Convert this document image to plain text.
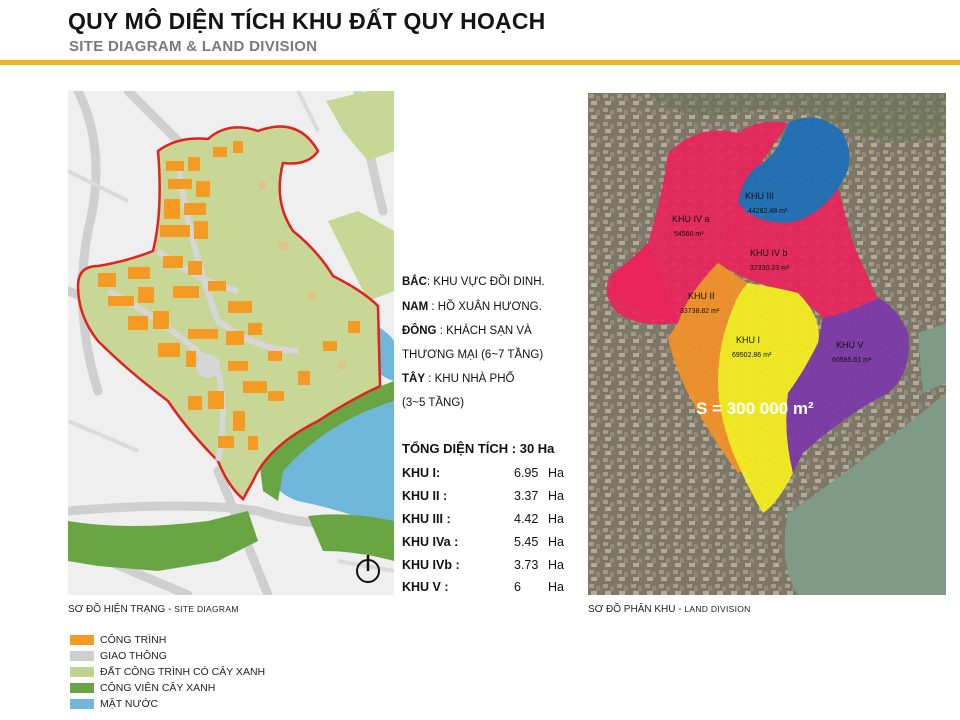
QUY MÔ DIỆN TÍCH KHU ĐẤT QUY HOẠCH
SITE DIAGRAM & LAND DIVISION
BẮC: KHU VỰC ĐỒI DINH.
NAM : HỒ XUÂN HƯƠNG.
ĐÔNG : KHÁCH SẠN VÀ
THƯƠNG MẠI (6~7 TẦNG)
TÂY : KHU NHÀ PHỐ
(3~5 TẦNG)
TỔNG DIỆN TÍCH : 30 Ha
KHU I:	6.95 Ha
KHU II :	3.37 Ha
KHU III :	4.42 Ha
KHU IVa :	5.45 Ha
KHU IVb :	3.73 Ha
KHU V :	6	Ha
KHU III
44282.48 m²
KHU IV a
54560 m²
KHU IV b
37330.23 m²
KHU II
33738.82 m²
KHU I
69502.86 m²
KHU V
60585.61 m²
S = 300 000 m²
SƠ ĐỒ HIỆN TRẠNG - SITE DIAGRAM	SƠ ĐỒ PHÂN KHU - LAND DIVISION
CÔNG TRÌNH
GIAO THÔNG
ĐẤT CÔNG TRÌNH CÓ CÂY XANH
CÔNG VIÊN CÂY XANH
MẶT NƯỚC
